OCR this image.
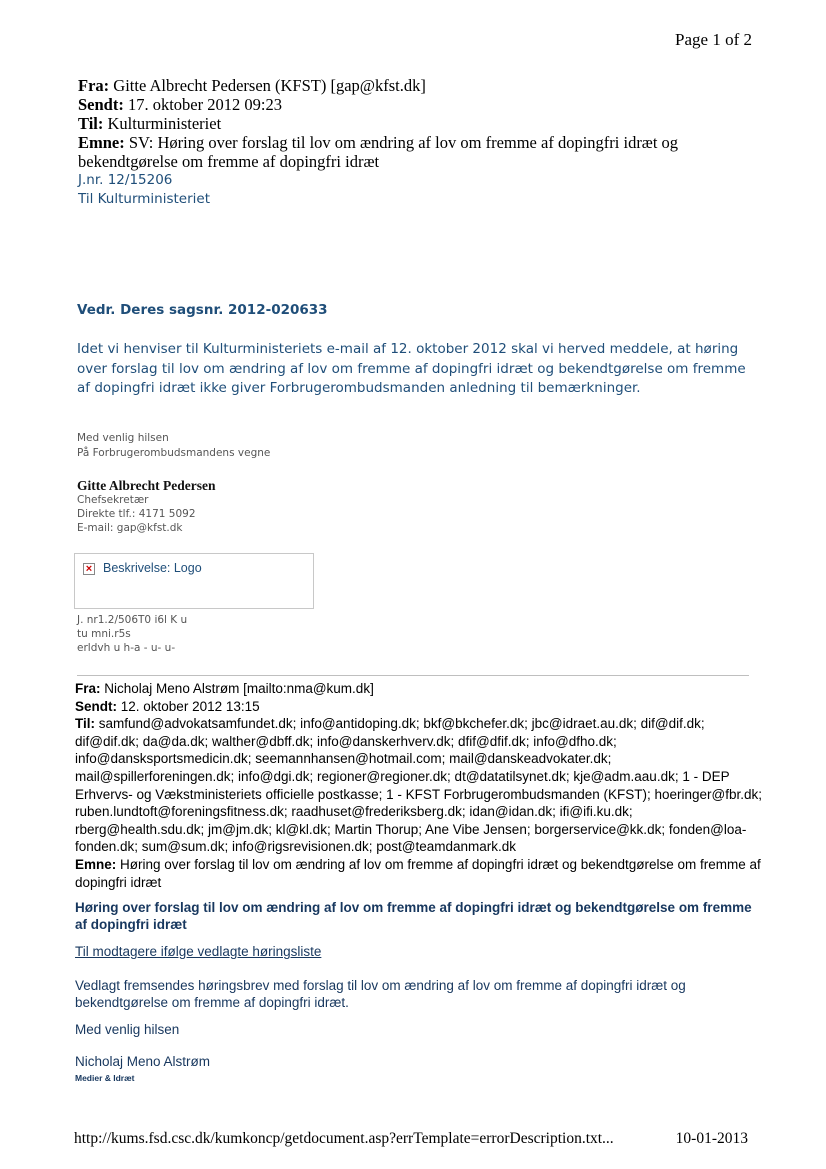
Page 1 of 2
Fra: Gitte Albrecht Pedersen (KFST) [gap@kfst.dk]
Sendt: 17. oktober 2012 09:23
Til: Kulturministeriet
Emne: SV: Høring over forslag til lov om ændring af lov om fremme af dopingfri idræt og bekendtgørelse om fremme af dopingfri idræt
J.nr. 12/15206
Til Kulturministeriet
Vedr. Deres sagsnr. 2012-020633
Idet vi henviser til Kulturministeriets e-mail af 12. oktober 2012 skal vi herved meddele, at høring over forslag til lov om ændring af lov om fremme af dopingfri idræt og bekendtgørelse om fremme af dopingfri idræt ikke giver Forbrugerombudsmanden anledning til bemærkninger.
Med venlig hilsen
På Forbrugerombudsmandens vegne
Gitte Albrecht Pedersen
Chefsekretær
Direkte tlf.: 4171 5092
E-mail: gap@kfst.dk
× Beskrivelse: Logo
J. nr1.2/506T0 i6l K u
tu mni.r5s
erldvh u h-a - u- u-
Fra: Nicholaj Meno Alstrøm [mailto:nma@kum.dk]
Sendt: 12. oktober 2012 13:15
Til: samfund@advokatsamfundet.dk; info@antidoping.dk; bkf@bkchefer.dk; jbc@idraet.au.dk; dif@dif.dk; dif@dif.dk; da@da.dk; walther@dbff.dk; info@danskerhverv.dk; dfif@dfif.dk; info@dfho.dk; info@dansksportsmedicin.dk; seemannhansen@hotmail.com; mail@danskeadvokater.dk; mail@spillerforeningen.dk; info@dgi.dk; regioner@regioner.dk; dt@datatilsynet.dk; kje@adm.aau.dk; 1 - DEP Erhvervs- og Vækstministeriets officielle postkasse; 1 - KFST Forbrugerombudsmanden (KFST); hoeringer@fbr.dk; ruben.lundtoft@foreningsfitness.dk; raadhuset@frederiksberg.dk; idan@idan.dk; ifi@ifi.ku.dk; rberg@health.sdu.dk; jm@jm.dk; kl@kl.dk; Martin Thorup; Ane Vibe Jensen; borgerservice@kk.dk; fonden@loa-fonden.dk; sum@sum.dk; info@rigsrevisionen.dk; post@teamdanmark.dk
Emne: Høring over forslag til lov om ændring af lov om fremme af dopingfri idræt og bekendtgørelse om fremme af dopingfri idræt
Høring over forslag til lov om ændring af lov om fremme af dopingfri idræt og bekendtgørelse om fremme af dopingfri idræt
Til modtagere ifølge vedlagte høringsliste
Vedlagt fremsendes høringsbrev med forslag til lov om ændring af lov om fremme af dopingfri idræt og bekendtgørelse om fremme af dopingfri idræt.
Med venlig hilsen
Nicholaj Meno Alstrøm
Medier & Idræt
http://kums.fsd.csc.dk/kumkoncp/getdocument.asp?errTemplate=errorDescription.txt...	10-01-2013
